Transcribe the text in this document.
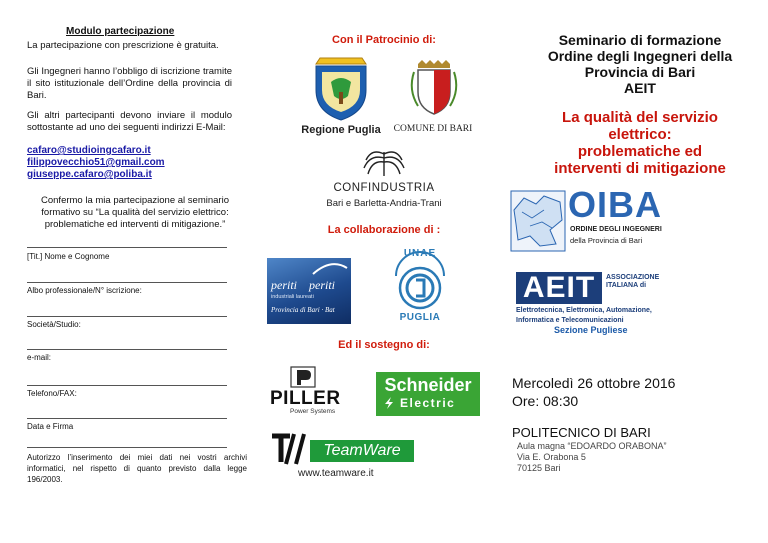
Modulo partecipazione
La partecipazione con prescrizione è gratuita.
Gli Ingegneri hanno l’obbligo di iscrizione tramite il sito istituzionale dell’Ordine della provincia di Bari.
Gli altri partecipanti devono inviare il modulo sottostante ad uno dei seguenti indirizzi E-Mail:
cafaro@studioingcafaro.it
filippovecchio51@gmail.com
giuseppe.cafaro@poliba.it
Confermo la mia partecipazione al seminario formativo su “La qualità del servizio elettrico: problematiche ed interventi di mitigazione.”
[Tit.] Nome e Cognome
Albo professionale/N° iscrizione:
Società/Studio:
e-mail:
Telefono/FAX:
Data e Firma
Autorizzo l’inserimento dei miei dati nei vostri archivi informatici, nel rispetto di quanto previsto dalla legge 196/2003.
Con il Patrocinio di:
Regione Puglia	COMUNE DI BARI
CONFINDUSTRIA
Bari e Barletta-Andria-Trani
La collaborazione di :
periti	periti
industriali laureati
Provincia di Bari · Bat
UNAE
PUGLIA
Ed il sostegno di:
PILLER
Power Systems
Schneider
Electric
TeamWare
www.teamware.it
Seminario di formazione
Ordine degli Ingegneri della
Provincia di Bari
AEIT
La qualità del servizio
elettrico:
problematiche ed
interventi di mitigazione
OIBA
ORDINE DEGLI INGEGNERI
della Provincia di Bari
AEIT	ASSOCIAZIONE ITALIANA di
Elettrotecnica, Elettronica, Automazione, Informatica e Telecomunicazioni
Sezione Pugliese
Mercoledì 26 ottobre 2016
Ore: 08:30
POLITECNICO DI BARI
Aula magna “EDOARDO ORABONA”
Via E. Orabona 5
70125 Bari
